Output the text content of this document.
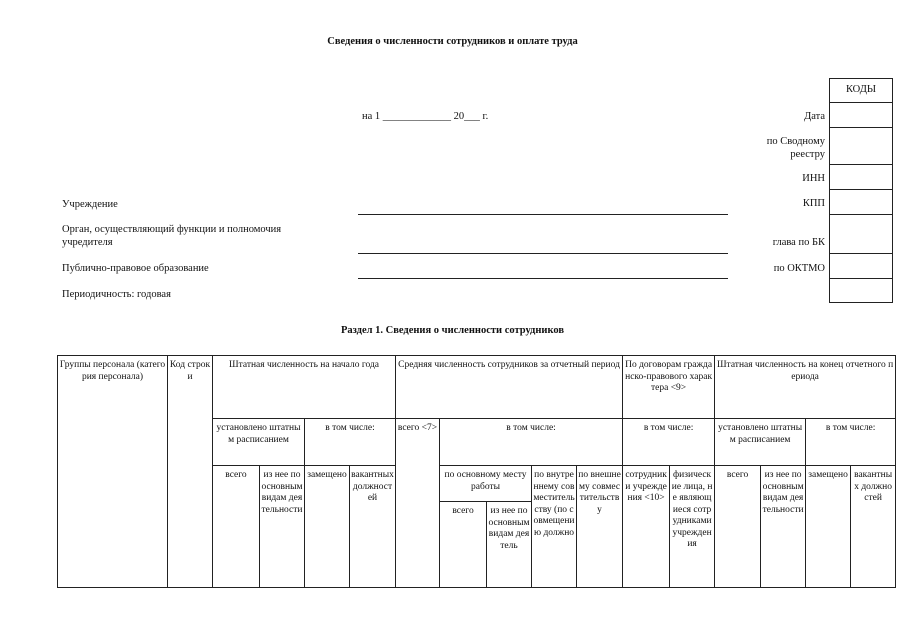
Сведения о численности сотрудников и оплате труда
на 1 _____________ 20___ г.
Учреждение
Орган, осуществляющий функции и полномочия
учредителя
Публично-правовое образование
Периодичность: годовая
Дата
по Сводному
реестру
ИНН
КПП
глава по БК
по ОКТМО
КОДЫ
Раздел 1. Сведения о численности сотрудников
Группы персонала (категория персонала)	Код строки	Штатная численность на начало года				Средняя численность сотрудников за отчетный период					По договорам гражданско-правового характера <9>		Штатная численность на конец отчетного периода			
		установлено штатным расписанием		в том числе:		всего <7>	в том числе:				в том числе:		установлено штатным расписанием		в том числе:	
		всего	из нее по основным видам деятельности	замещено	вакантных должностей		по основному месту работы		по внутреннему совместительству (по совмещению должно	по внешнему совместительству	сотрудники учреждения <10>	физические лица, не являющиеся сотрудниками учреждения	всего	из нее по основным видам деятельности	замещено	вакантных должностей
							всего	из нее по основным видам деятель								
